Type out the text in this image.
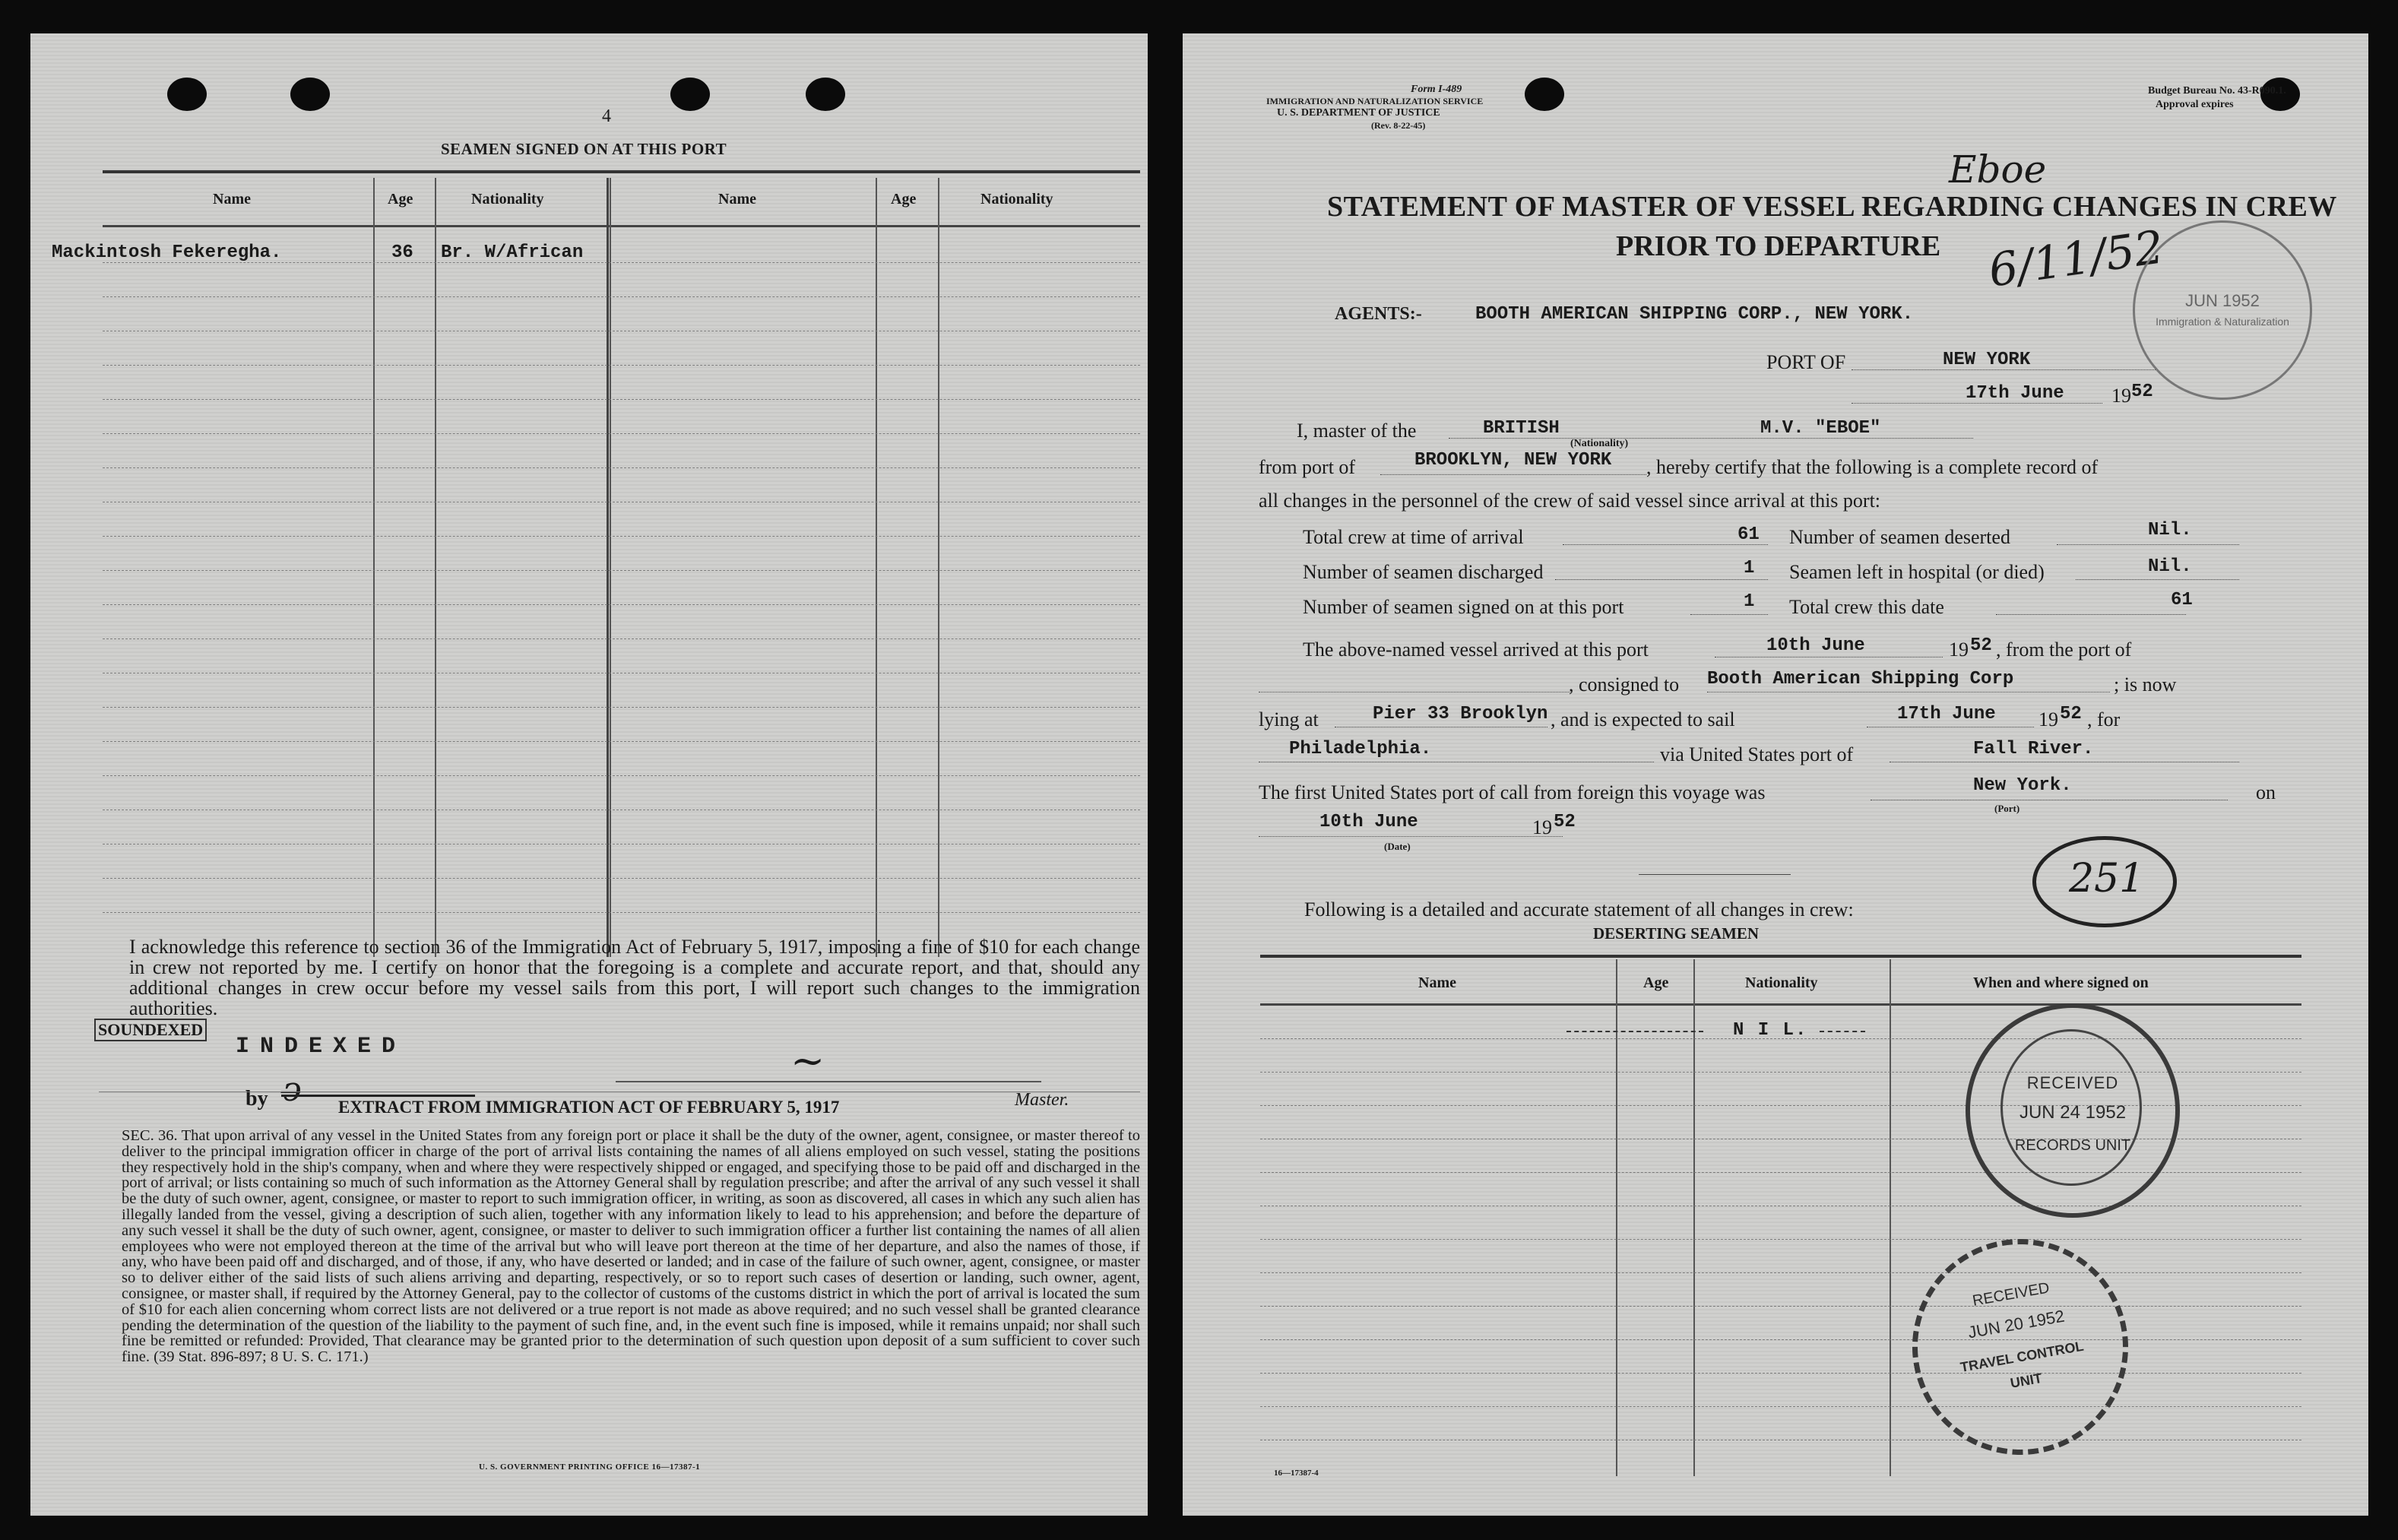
4
SEAMEN SIGNED ON AT THIS PORT
Name	Age	Nationality	Name	Age	Nationality
Mackintosh Fekeregha.	36 Br. W/African
I acknowledge this reference to section 36 of the Immigration Act of February 5, 1917, imposing a fine of $10 for each change in crew not reported by me. I certify on honor that the foregoing is a complete and accurate report, and that, should any additional changes in crew occur before my vessel sails from this port, I will report such changes to the immigration authorities.
SOUNDEXED
INDEXED
by ↄ̶
~
Master.
EXTRACT FROM IMMIGRATION ACT OF FEBRUARY 5, 1917
SEC. 36. That upon arrival of any vessel in the United States from any foreign port or place it shall be the duty of the owner, agent, consignee, or master thereof to deliver to the principal immigration officer in charge of the port of arrival lists containing the names of all aliens employed on such vessel, stating the positions they respectively hold in the ship's company, when and where they were respectively shipped or engaged, and specifying those to be paid off and discharged in the port of arrival; or lists containing so much of such information as the Attorney General shall by regulation prescribe; and after the arrival of any such vessel it shall be the duty of such owner, agent, consignee, or master to report to such immigration officer, in writing, as soon as discovered, all cases in which any such alien has illegally landed from the vessel, giving a description of such alien, together with any information likely to lead to his apprehension; and before the departure of any such vessel it shall be the duty of such owner, agent, consignee, or master to deliver to such immigration officer a further list containing the names of all alien employees who were not employed thereon at the time of the arrival but who will leave port thereon at the time of her departure, and also the names of those, if any, who have been paid off and discharged, and of those, if any, who have deserted or landed; and in case of the failure of such owner, agent, consignee, or master so to deliver either of the said lists of such aliens arriving and departing, respectively, or so to report such cases of desertion or landing, such owner, agent, consignee, or master shall, if required by the Attorney General, pay to the collector of customs of the customs district in which the port of arrival is located the sum of $10 for each alien concerning whom correct lists are not delivered or a true report is not made as above required; and no such vessel shall be granted clearance pending the determination of the question of the liability to the payment of such fine, and, in the event such fine is imposed, while it remains unpaid; nor shall such fine be remitted or refunded: Provided, That clearance may be granted prior to the determination of such question upon deposit of a sum sufficient to cover such fine. (39 Stat. 896-897; 8 U. S. C. 171.)
U. S. GOVERNMENT PRINTING OFFICE 16—17387-1
Form I-489
IMMIGRATION AND NATURALIZATION SERVICE
U. S. DEPARTMENT OF JUSTICE
(Rev. 8-22-45)
Budget Bureau No. 43-R090.1.
Approval expires
STATEMENT OF MASTER OF VESSEL REGARDING CHANGES IN CREW
PRIOR TO DEPARTURE
Eboe
6/11/52
AGENTS:-	BOOTH AMERICAN SHIPPING CORP., NEW YORK.
PORT OF	NEW YORK
17th June 19 52
I, master of the	BRITISH
(Nationality)
M.V. "EBOE"
from port of	BROOKLYN, NEW YORK , hereby certify that the following is a complete record of
all changes in the personnel of the crew of said vessel since arrival at this port:
Total crew at time of arrival	61 Number of seamen deserted	Nil.
Number of seamen discharged	1 Seamen left in hospital (or died)	Nil.
Number of seamen signed on at this port	1 Total crew this date	61
The above-named vessel arrived at this port	10th June	19 52 , from the port of
, consigned to Booth American Shipping Corp	; is now
lying at	Pier 33 Brooklyn , and is expected to sail	17th June 19 52 , for
Philadelphia.	via United States port of	Fall River.
The first United States port of call from foreign this voyage was	New York.
(Port)
on
10th June
(Date)
19 52
251
Following is a detailed and accurate statement of all changes in crew:
DESERTING SEAMEN
Name	Age	Nationality	When and where signed on
N I L.
RECEIVED
JUN 24 1952
RECORDS UNIT
RECEIVED
JUN 20 1952
TRAVEL CONTROL
UNIT
JUN 1952
Immigration & Naturalization
16—17387-4
